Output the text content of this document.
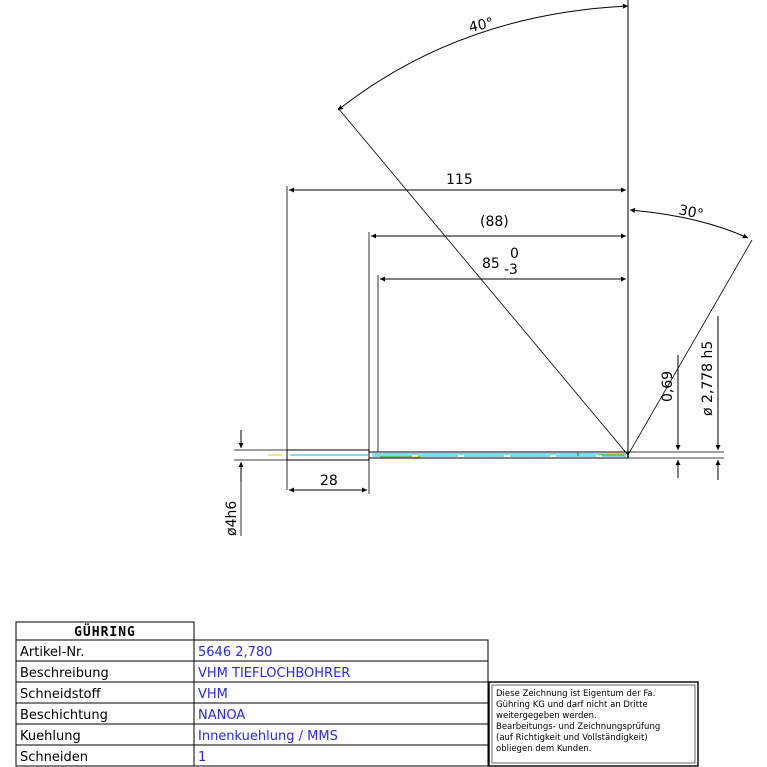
40°
30°
115
(88)
85
0
-3
28
ø4h6
ø 2,778 h5
0,69
GÜHRING
Artikel-Nr.	5646 2,780
Beschreibung	VHM TIEFLOCHBOHRER
Schneidstoff	VHM
Beschichtung	NANOA
Kuehlung	Innenkuehlung / MMS
Schneiden	1
Diese Zeichnung ist Eigentum der Fa.
Gühring KG und darf nicht an Dritte
weitergegeben werden.
Bearbeitungs- und Zeichnungsprüfung
(auf Richtigkeit und Vollständigkeit)
obliegen dem Kunden.
